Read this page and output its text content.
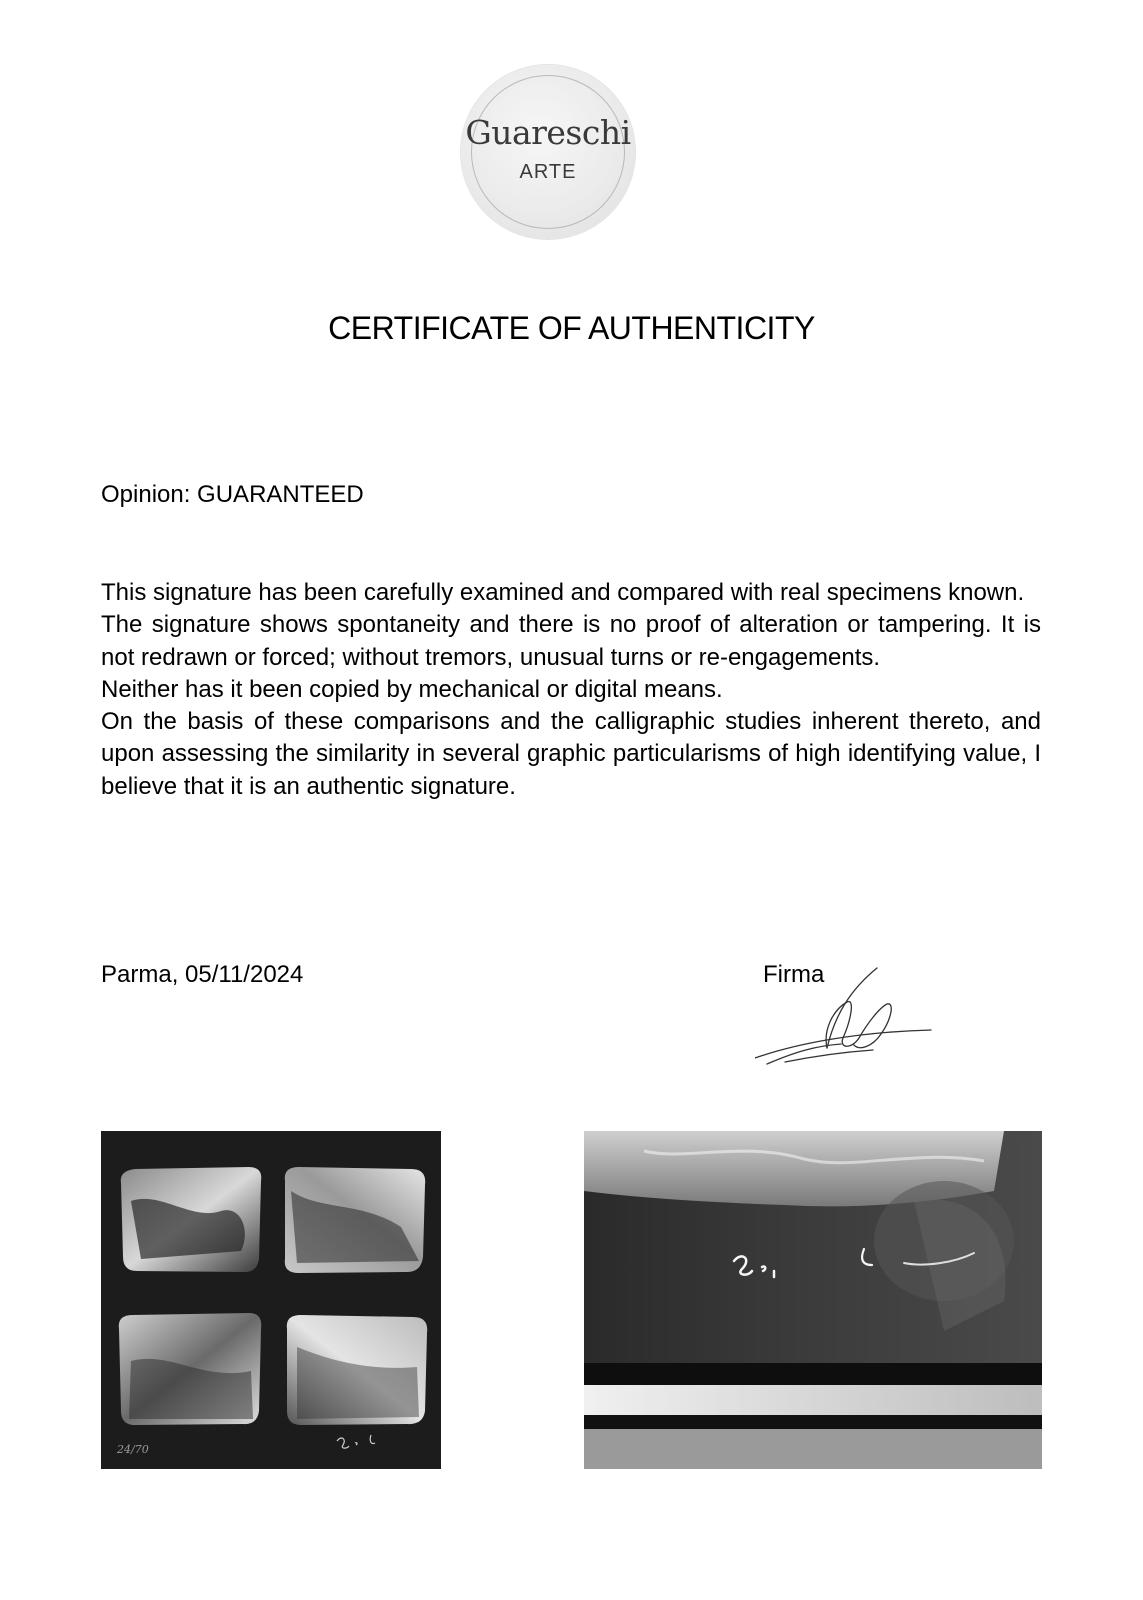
Guareschi
ARTE
CERTIFICATE OF AUTHENTICITY
Opinion: GUARANTEED

This signature has been carefully examined and compared with real specimens known.

The signature shows spontaneity and there is no proof of alteration or tampering. It is not redrawn or forced; without tremors, unusual turns or re-engagements.

Neither has it been copied by mechanical or digital means.

On the basis of these comparisons and the calligraphic studies inherent thereto, and upon assessing the similarity in several graphic particularisms of high identifying value, I believe that it is an authentic signature.

Parma, 05/11/2024	Firma
24/70
